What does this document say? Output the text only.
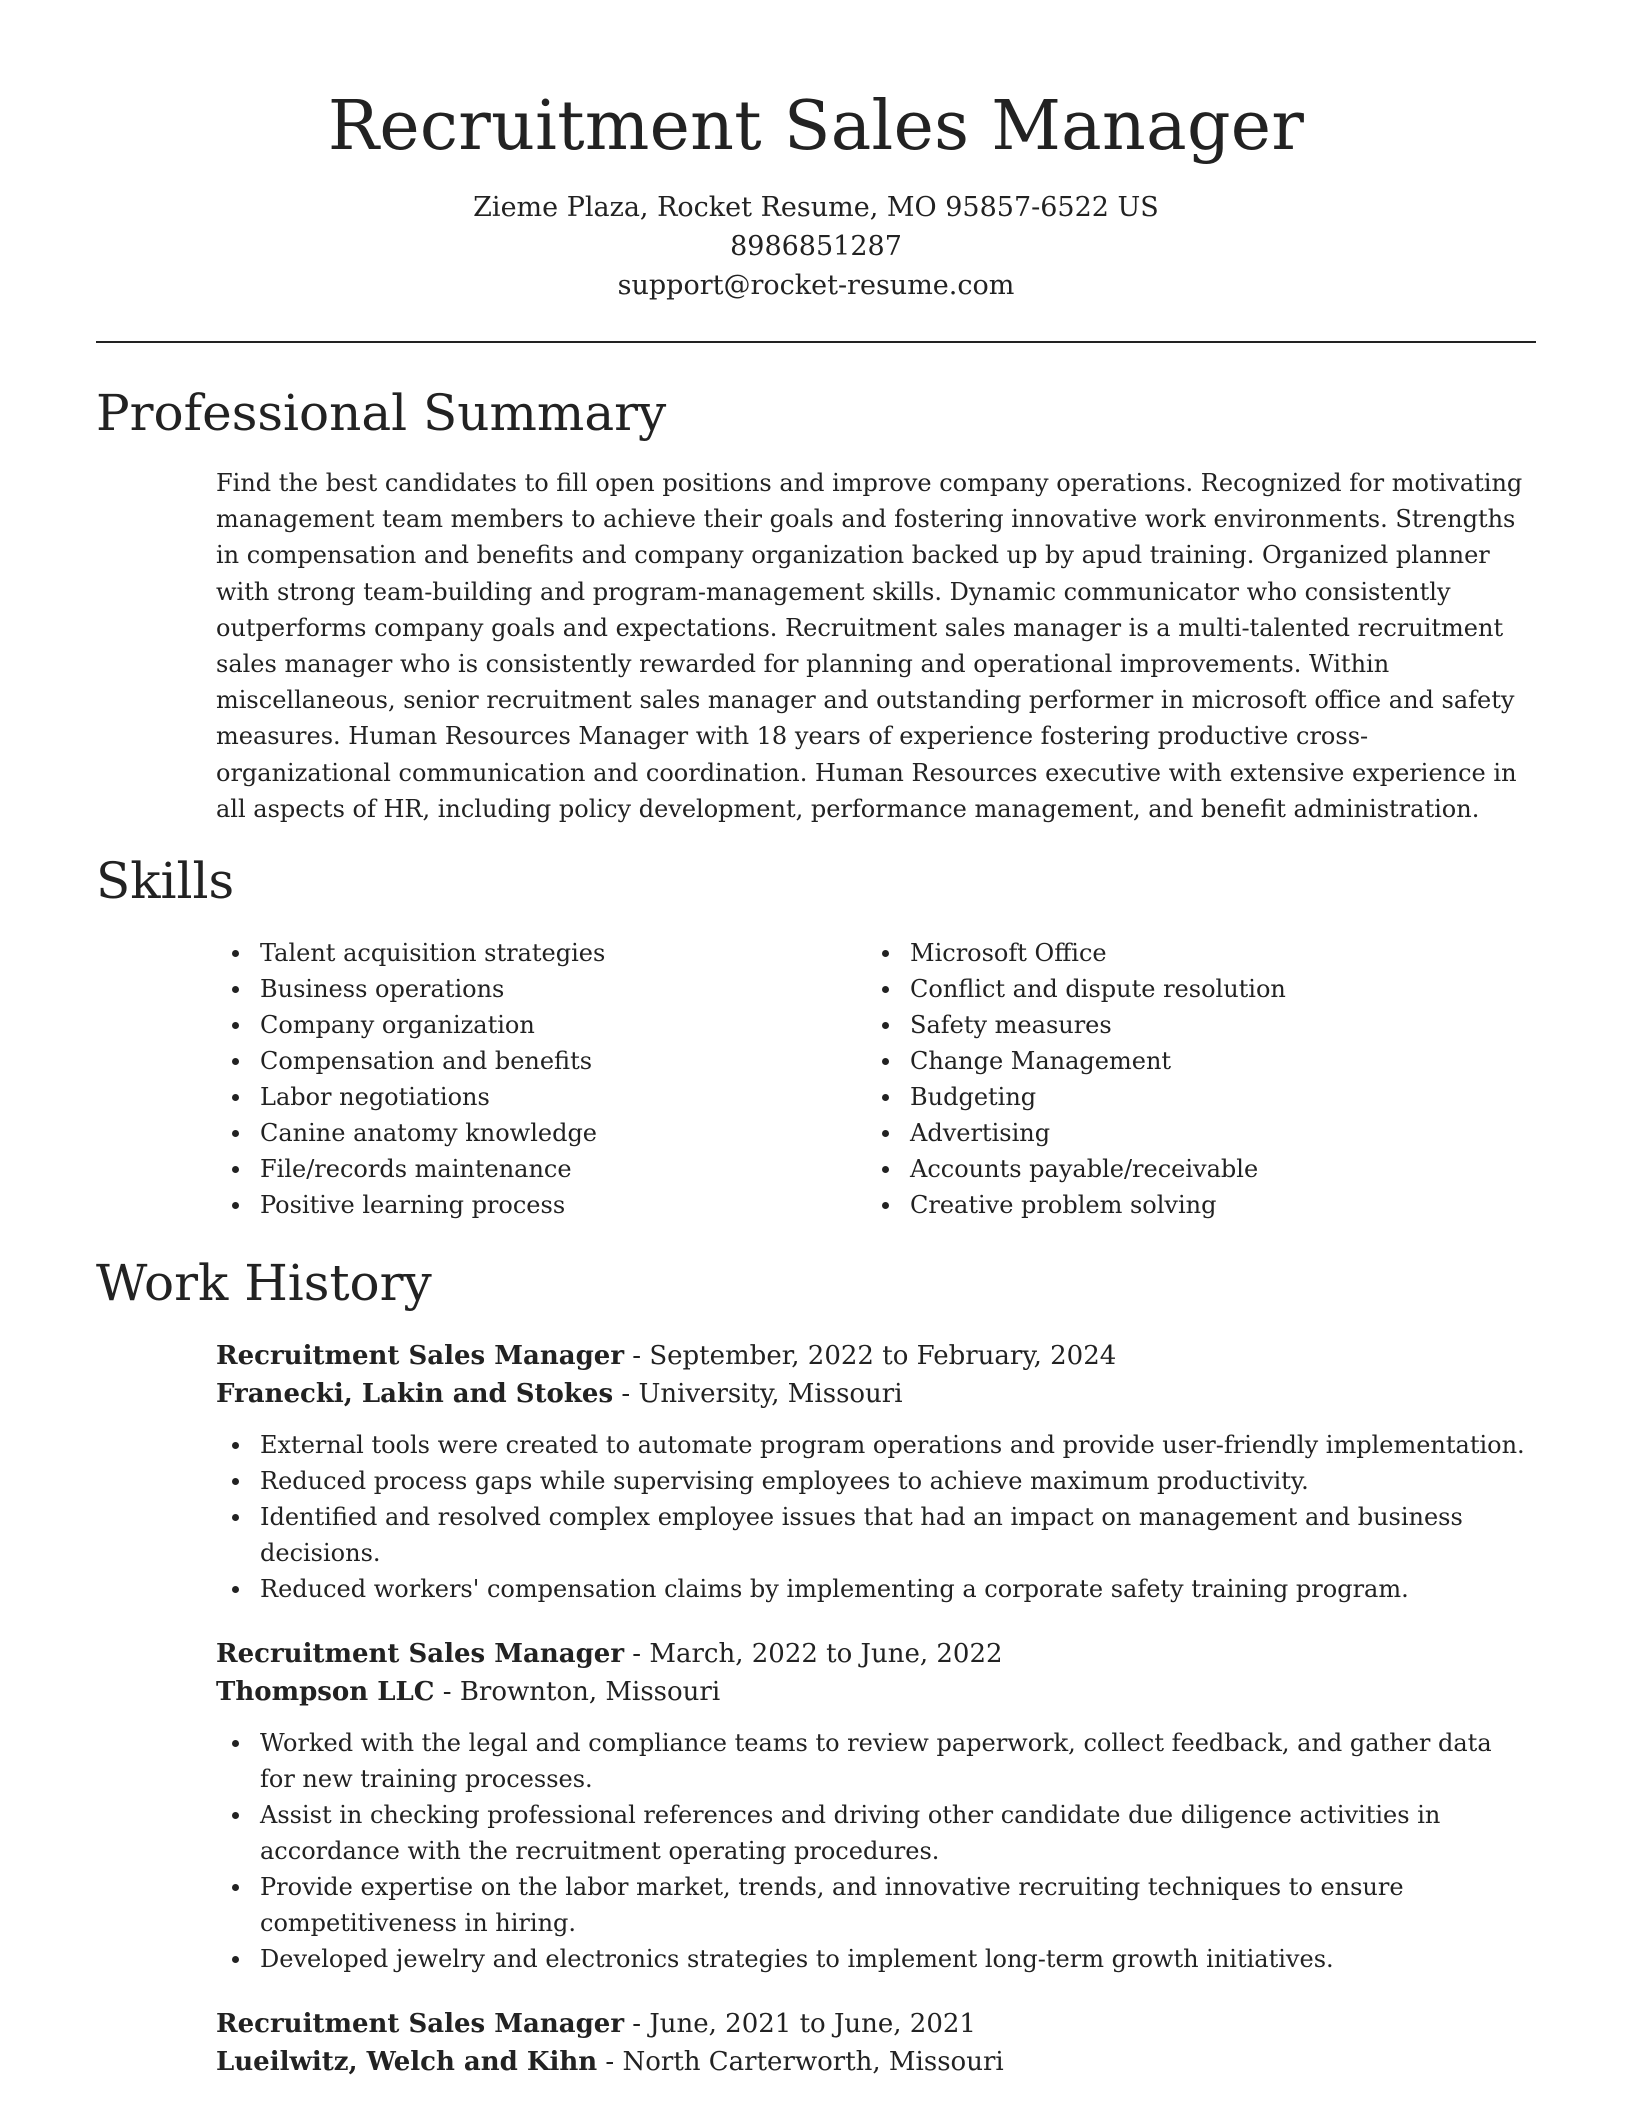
Recruitment Sales Manager
Zieme Plaza, Rocket Resume, MO 95857-6522 US
8986851287
support@rocket-resume.com
Professional Summary
Find the best candidates to fill open positions and improve company operations. Recognized for motivating management team members to achieve their goals and fostering innovative work environments. Strengths in compensation and benefits and company organization backed up by apud training. Organized planner with strong team-building and program-management skills. Dynamic communicator who consistently outperforms company goals and expectations. Recruitment sales manager is a multi-talented recruitment sales manager who is consistently rewarded for planning and operational improvements. Within miscellaneous, senior recruitment sales manager and outstanding performer in microsoft office and safety measures. Human Resources Manager with 18 years of experience fostering productive cross-organizational communication and coordination. Human Resources executive with extensive experience in all aspects of HR, including policy development, performance management, and benefit administration.
Skills
Talent acquisition strategies
Business operations
Company organization
Compensation and benefits
Labor negotiations
Canine anatomy knowledge
File/records maintenance
Positive learning process
Microsoft Office
Conflict and dispute resolution
Safety measures
Change Management
Budgeting
Advertising
Accounts payable/receivable
Creative problem solving
Work History
Recruitment Sales Manager - September, 2022 to February, 2024
Franecki, Lakin and Stokes - University, Missouri
External tools were created to automate program operations and provide user-friendly implementation.
Reduced process gaps while supervising employees to achieve maximum productivity.
Identified and resolved complex employee issues that had an impact on management and business decisions.
Reduced workers' compensation claims by implementing a corporate safety training program.
Recruitment Sales Manager - March, 2022 to June, 2022
Thompson LLC - Brownton, Missouri
Worked with the legal and compliance teams to review paperwork, collect feedback, and gather data for new training processes.
Assist in checking professional references and driving other candidate due diligence activities in accordance with the recruitment operating procedures.
Provide expertise on the labor market, trends, and innovative recruiting techniques to ensure competitiveness in hiring.
Developed jewelry and electronics strategies to implement long-term growth initiatives.
Recruitment Sales Manager - June, 2021 to June, 2021
Lueilwitz, Welch and Kihn - North Carterworth, Missouri
